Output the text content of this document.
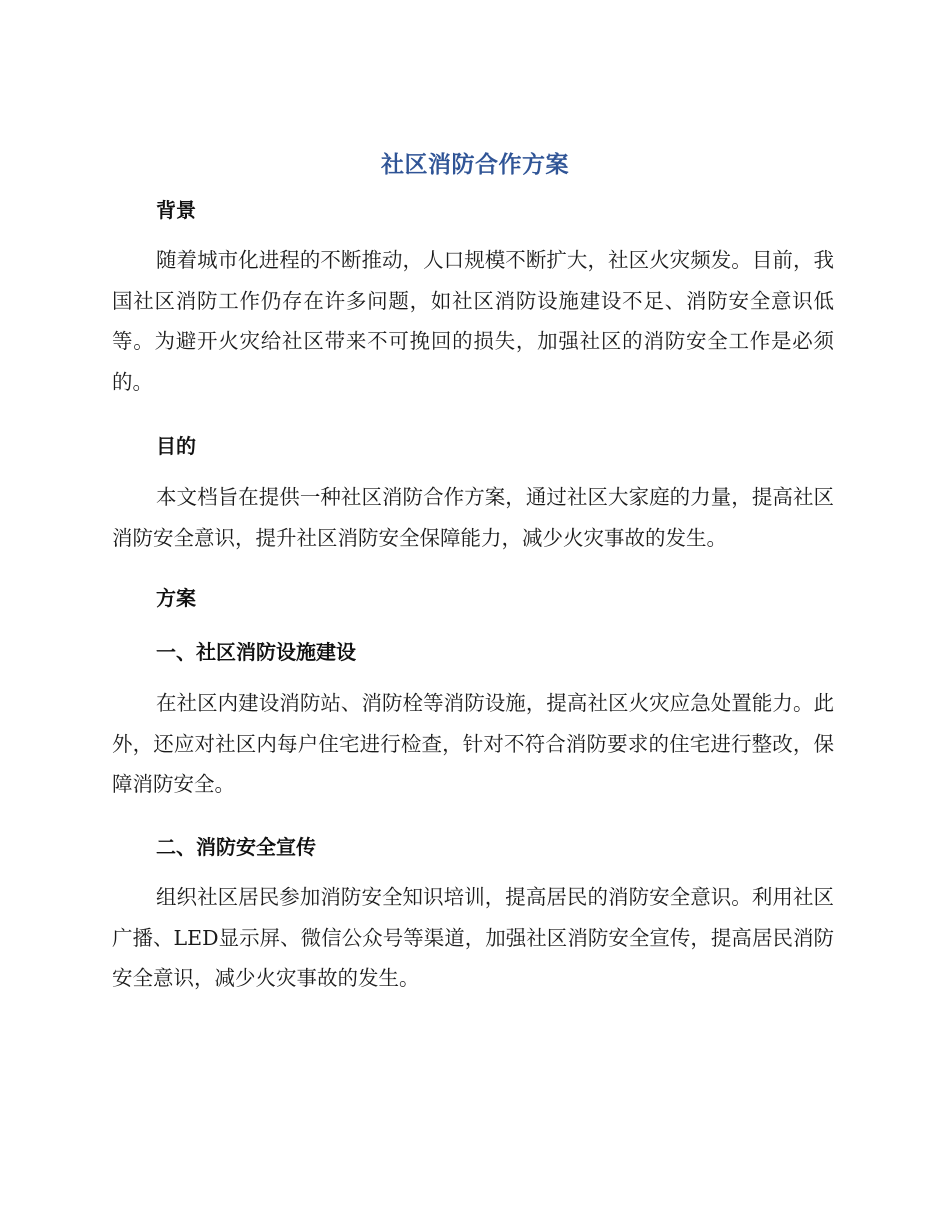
社区消防合作方案
背景
随着城市化进程的不断推动，人口规模不断扩大，社区火灾频发。目前，我国社区消防工作仍存在许多问题，如社区消防设施建设不足、消防安全意识低等。为避开火灾给社区带来不可挽回的损失，加强社区的消防安全工作是必须的。
目的
本文档旨在提供一种社区消防合作方案，通过社区大家庭的力量，提高社区消防安全意识，提升社区消防安全保障能力，减少火灾事故的发生。
方案
一、社区消防设施建设
在社区内建设消防站、消防栓等消防设施，提高社区火灾应急处置能力。此外，还应对社区内每户住宅进行检查，针对不符合消防要求的住宅进行整改，保障消防安全。
二、消防安全宣传
组织社区居民参加消防安全知识培训，提高居民的消防安全意识。利用社区广播、LED显示屏、微信公众号等渠道，加强社区消防安全宣传，提高居民消防安全意识，减少火灾事故的发生。
